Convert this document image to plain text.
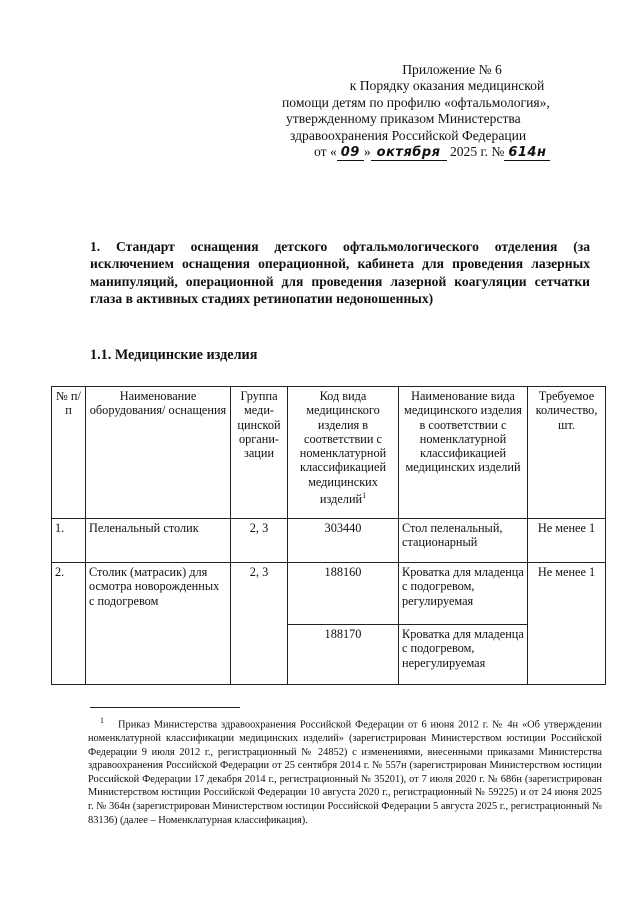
Приложение № 6
к Порядку оказания медицинской
помощи детям по профилю «офтальмология»,
утвержденному приказом Министерства
здравоохранения Российской Федерации
от « 09 » октября 2025 г. № 614н
1. Стандарт оснащения детского офтальмологического отделения (за исключением оснащения операционной, кабинета для проведения лазерных манипуляций, операционной для проведения лазерной коагуляции сетчатки глаза в активных стадиях ретинопатии недоношенных)
1.1. Медицинские изделия
№ п/п	Наименование оборудования/ оснащения	Группа меди- цинской органи- зации	Код вида медицинского изделия в соответствии с номенклатурной классификацией медицинских изделий$^1$	Наименование вида медицинского изделия в соответствии с номенклатурной классификацией медицинских изделий	Требуемое количество, шт.
1.	Пеленальный столик	2, 3	303440	Стол пеленальный, стационарный	Не менее 1
2.	Столик (матрасик) для осмотра новорожденных с подогревом	2, 3	188160	Кроватка для младенца с подогревом, регулируемая	Не менее 1
			188170	Кроватка для младенца с подогревом, нерегулируемая	
$^1$ Приказ Министерства здравоохранения Российской Федерации от 6 июня 2012 г. № 4н «Об утверждении номенклатурной классификации медицинских изделий» (зарегистрирован Министерством юстиции Российской Федерации 9 июля 2012 г., регистрационный № 24852) с изменениями, внесенными приказами Министерства здравоохранения Российской Федерации от 25 сентября 2014 г. № 557н (зарегистрирован Министерством юстиции Российской Федерации 17 декабря 2014 г., регистрационный № 35201), от 7 июля 2020 г. № 686н (зарегистрирован Министерством юстиции Российской Федерации 10 августа 2020 г., регистрационный № 59225) и от 24 июня 2025 г. № 364н (зарегистрирован Министерством юстиции Российской Федерации 5 августа 2025 г., регистрационный № 83136) (далее – Номенклатурная классификация).
